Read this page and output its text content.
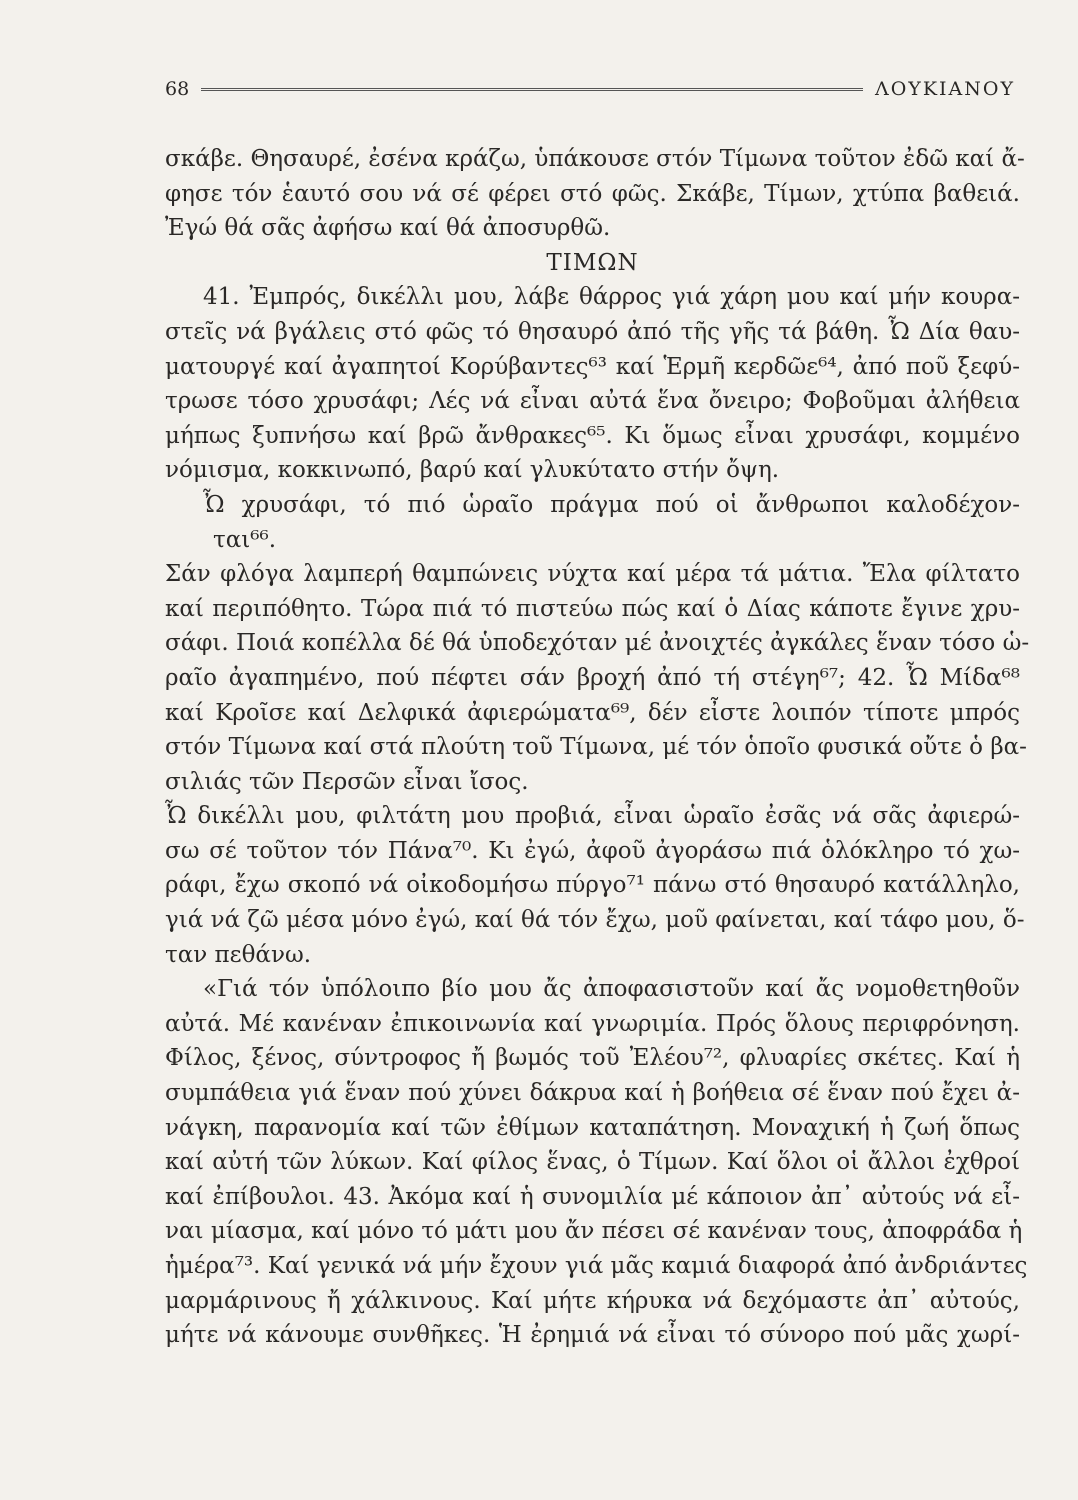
68	ΛΟΥΚΙΑΝΟΥ
σκάβε. Θησαυρέ, ἐσένα κράζω, ὑπάκουσε στόν Τίμωνα τοῦτον ἐδῶ καί ἄ-
φησε τόν ἑαυτό σου νά σέ φέρει στό φῶς. Σκάβε, Τίμων, χτύπα βαθειά.
Ἐγώ θά σᾶς ἀφήσω καί θά ἀποσυρθῶ.
ΤΙΜΩΝ
41. Ἐμπρός, δικέλλι μου, λάβε θάρρος γιά χάρη μου καί μήν κουρα-
στεῖς νά βγάλεις στό φῶς τό θησαυρό ἀπό τῆς γῆς τά βάθη. Ὦ Δία θαυ-
ματουργέ καί ἀγαπητοί Κορύβαντες⁶³ καί Ἑρμῆ κερδῶε⁶⁴, ἀπό ποῦ ξεφύ-
τρωσε τόσο χρυσάφι; Λές νά εἶναι αὐτά ἕνα ὄνειρο; Φοβοῦμαι ἀλήθεια
μήπως ξυπνήσω καί βρῶ ἄνθρακες⁶⁵. Κι ὅμως εἶναι χρυσάφι, κομμένο
νόμισμα, κοκκινωπό, βαρύ καί γλυκύτατο στήν ὄψη.
Ὦ χρυσάφι, τό πιό ὡραῖο πράγμα πού οἱ ἄνθρωποι καλοδέχον-
ται⁶⁶.
Σάν φλόγα λαμπερή θαμπώνεις νύχτα καί μέρα τά μάτια. Ἔλα φίλτατο
καί περιπόθητο. Τώρα πιά τό πιστεύω πώς καί ὁ Δίας κάποτε ἔγινε χρυ-
σάφι. Ποιά κοπέλλα δέ θά ὑποδεχόταν μέ ἀνοιχτές ἀγκάλες ἕναν τόσο ὡ-
ραῖο ἀγαπημένο, πού πέφτει σάν βροχή ἀπό τή στέγη⁶⁷; 42. Ὦ Μίδα⁶⁸
καί Κροῖσε καί Δελφικά ἀφιερώματα⁶⁹, δέν εἶστε λοιπόν τίποτε μπρός
στόν Τίμωνα καί στά πλούτη τοῦ Τίμωνα, μέ τόν ὁποῖο φυσικά οὔτε ὁ βα-
σιλιάς τῶν Περσῶν εἶναι ἴσος.
Ὦ δικέλλι μου, φιλτάτη μου προβιά, εἶναι ὡραῖο ἐσᾶς νά σᾶς ἀφιερώ-
σω σέ τοῦτον τόν Πάνα⁷⁰. Κι ἐγώ, ἀφοῦ ἀγοράσω πιά ὁλόκληρο τό χω-
ράφι, ἔχω σκοπό νά οἰκοδομήσω πύργο⁷¹ πάνω στό θησαυρό κατάλληλο,
γιά νά ζῶ μέσα μόνο ἐγώ, καί θά τόν ἔχω, μοῦ φαίνεται, καί τάφο μου, ὅ-
ταν πεθάνω.
«Γιά τόν ὑπόλοιπο βίο μου ἄς ἀποφασιστοῦν καί ἄς νομοθετηθοῦν
αὐτά. Μέ κανέναν ἐπικοινωνία καί γνωριμία. Πρός ὅλους περιφρόνηση.
Φίλος, ξένος, σύντροφος ἤ βωμός τοῦ Ἐλέου⁷², φλυαρίες σκέτες. Καί ἡ
συμπάθεια γιά ἕναν πού χύνει δάκρυα καί ἡ βοήθεια σέ ἕναν πού ἔχει ἀ-
νάγκη, παρανομία καί τῶν ἐθίμων καταπάτηση. Μοναχική ἡ ζωή ὅπως
καί αὐτή τῶν λύκων. Καί φίλος ἕνας, ὁ Τίμων. Καί ὅλοι οἱ ἄλλοι ἐχθροί
καί ἐπίβουλοι. 43. Ἀκόμα καί ἡ συνομιλία μέ κάποιον ἀπ᾽ αὐτούς νά εἶ-
ναι μίασμα, καί μόνο τό μάτι μου ἄν πέσει σέ κανέναν τους, ἀποφράδα ἡ
ἡμέρα⁷³. Καί γενικά νά μήν ἔχουν γιά μᾶς καμιά διαφορά ἀπό ἀνδριάντες
μαρμάρινους ἤ χάλκινους. Καί μήτε κήρυκα νά δεχόμαστε ἀπ᾽ αὐτούς,
μήτε νά κάνουμε συνθῆκες. Ἡ ἐρημιά νά εἶναι τό σύνορο πού μᾶς χωρί-
